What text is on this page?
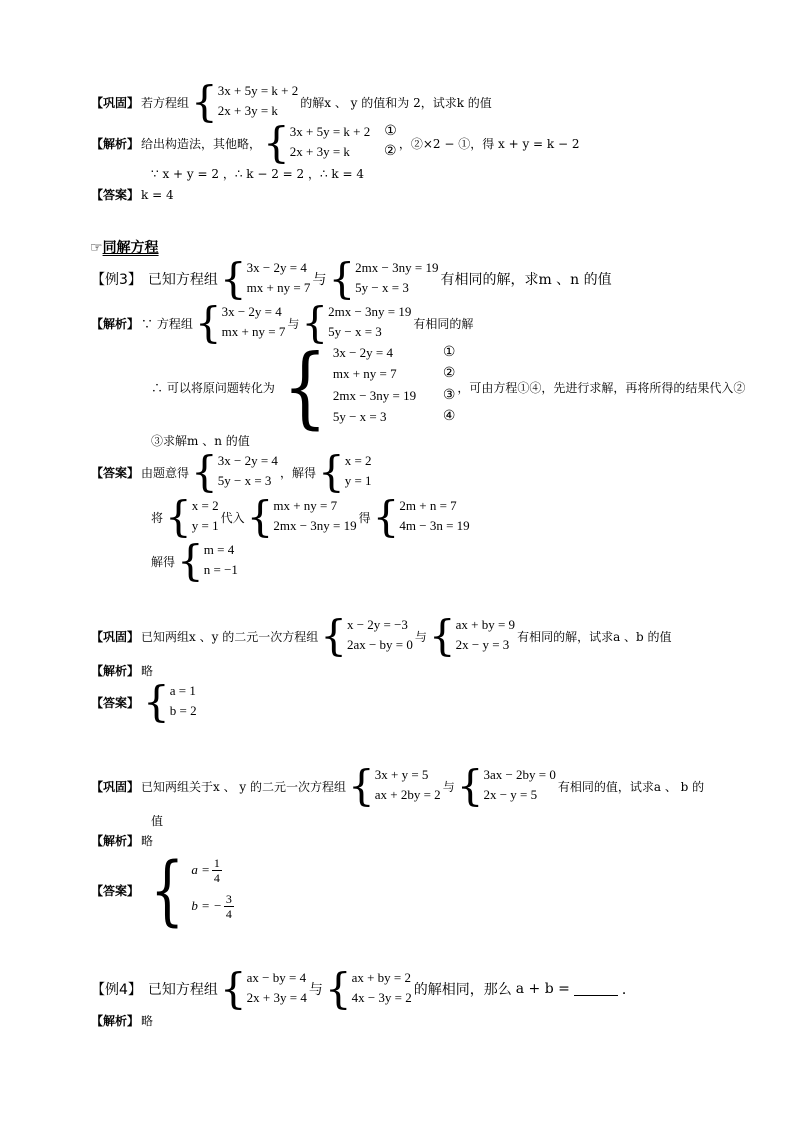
【巩固】 若方程组 { 3x + 5y = k + 2
2x + 3y = k
的解x 、 y 的值和为 2，试求k 的值
【解析】 给出构造法，其他略， { 3x + 5y = k + 2 ①
2x + 3y = k ②
，②×2 − ①，得 x + y = k − 2
∵ x + y = 2 ，∴ k − 2 = 2 ，∴ k = 4
【答案】 k = 4
☞同解方程
【例3】 已知方程组 { 3x − 2y = 4
mx + ny = 7 与 { 2mx − 3ny = 19
5y − x = 3	有相同的解，求m 、n 的值
【解析】 ∵ 方程组 { 3x − 2y = 4
mx + ny = 7
与 { 2mx − 3ny = 19
5y − x = 3
有相同的解
∴ 可以将原问题转化为 { 3x − 2y = 4	①
mx + ny = 7	②
2mx − 3ny = 19	③
5y − x = 3	④
，可由方程①④，先进行求解，再将所得的结果代入②
③求解m 、n 的值
【答案】 由题意得 { 3x − 2y = 4
5y − x = 3
，解得 { x = 2
y = 1
将 { x = 2
y = 1
代入 { mx + ny = 7
2mx − 3ny = 19
得 { 2m + n = 7
4m − 3n = 19
解得 { m = 4
n = −1
【巩固】 已知两组x 、y 的二元一次方程组 { x − 2y = −3
2ax − by = 0
与 { ax + by = 9
2x − y = 3
有相同的解，试求a 、b 的值
【解析】 略
【答案】 { a = 1
b = 2
【巩固】 已知两组关于x 、 y 的二元一次方程组 { 3x + y = 5
ax + 2by = 2
与 { 3ax − 2by = 0
2x − y = 5
有相同的值，试求a 、 b 的
值
【解析】 略
【答案】 { $a = \frac{1}{4}$
b = − $\frac{3}{4}$
【例4】 已知方程组 { ax − by = 4
2x + 3y = 4 与 { ax + by = 2
4x − 3y = 2 的解相同，那么 a + b =	．
【解析】 略
